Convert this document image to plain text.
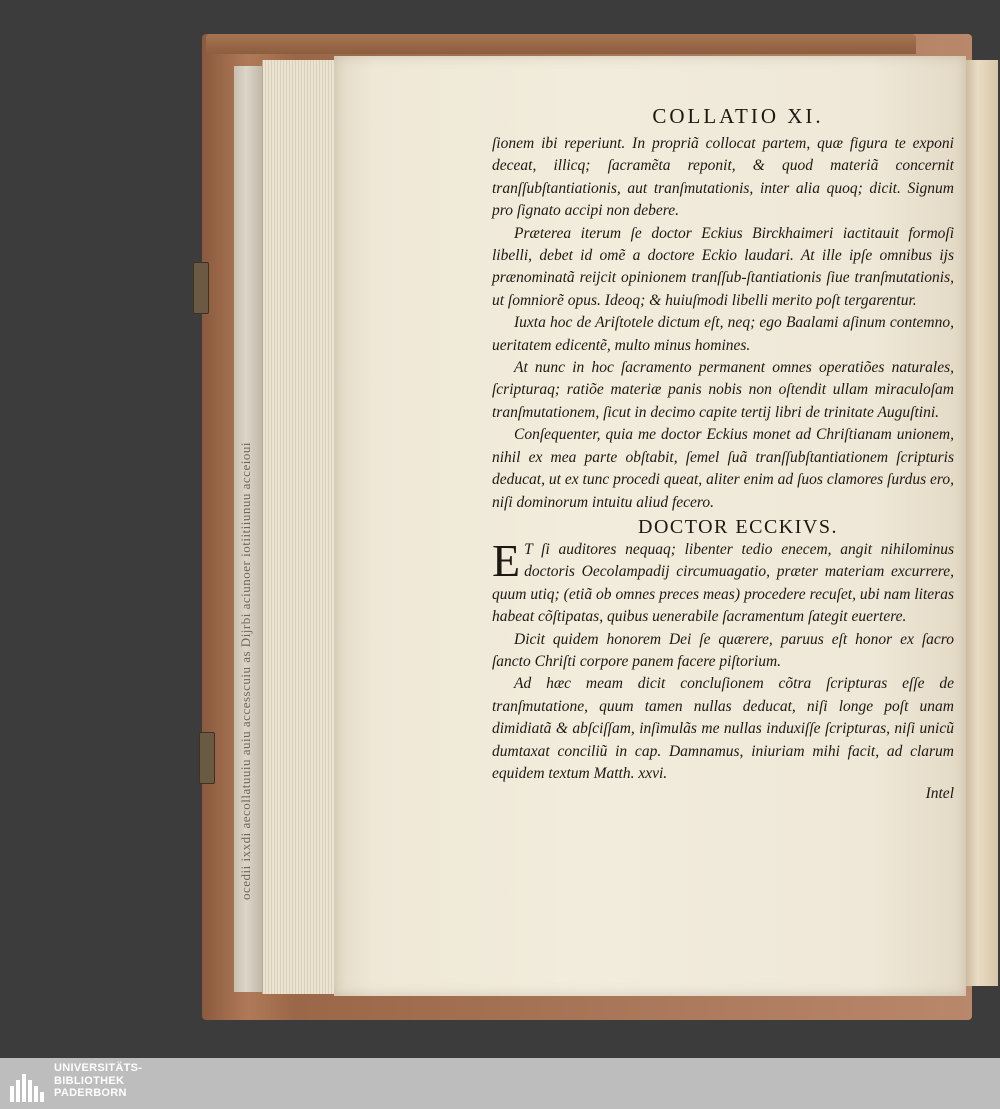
ocedii ixxdi aecollatuuiu auiu accesscuiu as Dijrbi aciunoer iotiitiiunuu acceioui
COLLATIO XI.

ſionem ibi reperiunt. In propriã collocat partem, quæ figura te exponi deceat, illicq; ſacramẽta reponit, & quod materiã concernit tranſſubſtantiationis, aut tranſmutationis, inter alia quoq; dicit. Signum pro ſignato accipi non debere.

Præterea iterum ſe doctor Eckius Birckhaimeri iactitauit formoſi libelli, debet id omẽ a doctore Eckio laudari. At ille ipſe omnibus ijs prænominatã reijcit opinionem tranſſub-ſtantiationis ſiue tranſmutationis, ut ſomniorẽ opus. Ideoq; & huiuſmodi libelli merito poſt tergarentur.

Iuxta hoc de Ariſtotele dictum eſt, neq; ego Baalami aſinum contemno, ueritatem edicentẽ, multo minus homines.

At nunc in hoc ſacramento permanent omnes operatiões naturales, ſcripturaq; ratiõe materiæ panis nobis non oſtendit ullam miraculoſam tranſmutationem, ſicut in decimo capite tertij libri de trinitate Auguſtini.

Conſequenter, quia me doctor Eckius monet ad Chriſtianam unionem, nihil ex mea parte obſtabit, ſemel ſuã tranſſubſtantiationem ſcripturis deducat, ut ex tunc procedi queat, aliter enim ad ſuos clamores ſurdus ero, niſi dominorum intuitu aliud fecero.

DOCTOR ECCKIVS.

E T ſi auditores nequaq; libenter tedio enecem, angit nihilominus doctoris Oecolampadij circumuagatio, præter materiam excurrere, quum utiq; (etiã ob omnes preces meas) procedere recuſet, ubi nam literas habeat cõſtipatas, quibus uenerabile ſacramentum ſategit euertere.

Dicit quidem honorem Dei ſe quærere, paruus eſt honor ex ſacro ſancto Chriſti corpore panem facere piſtorium.

Ad hæc meam dicit concluſionem cõtra ſcripturas eſſe de tranſmutatione, quum tamen nullas deducat, niſi longe poſt unam dimidiatã & abſciſſam, inſimulãs me nullas induxiſſe ſcripturas, niſi unicũ dumtaxat conciliũ in cap. Damnamus, iniuriam mihi facit, ad clarum equidem textum Matth. xxvi.

Intel
UNIVERSITÄTS-
BIBLIOTHEK
PADERBORN
